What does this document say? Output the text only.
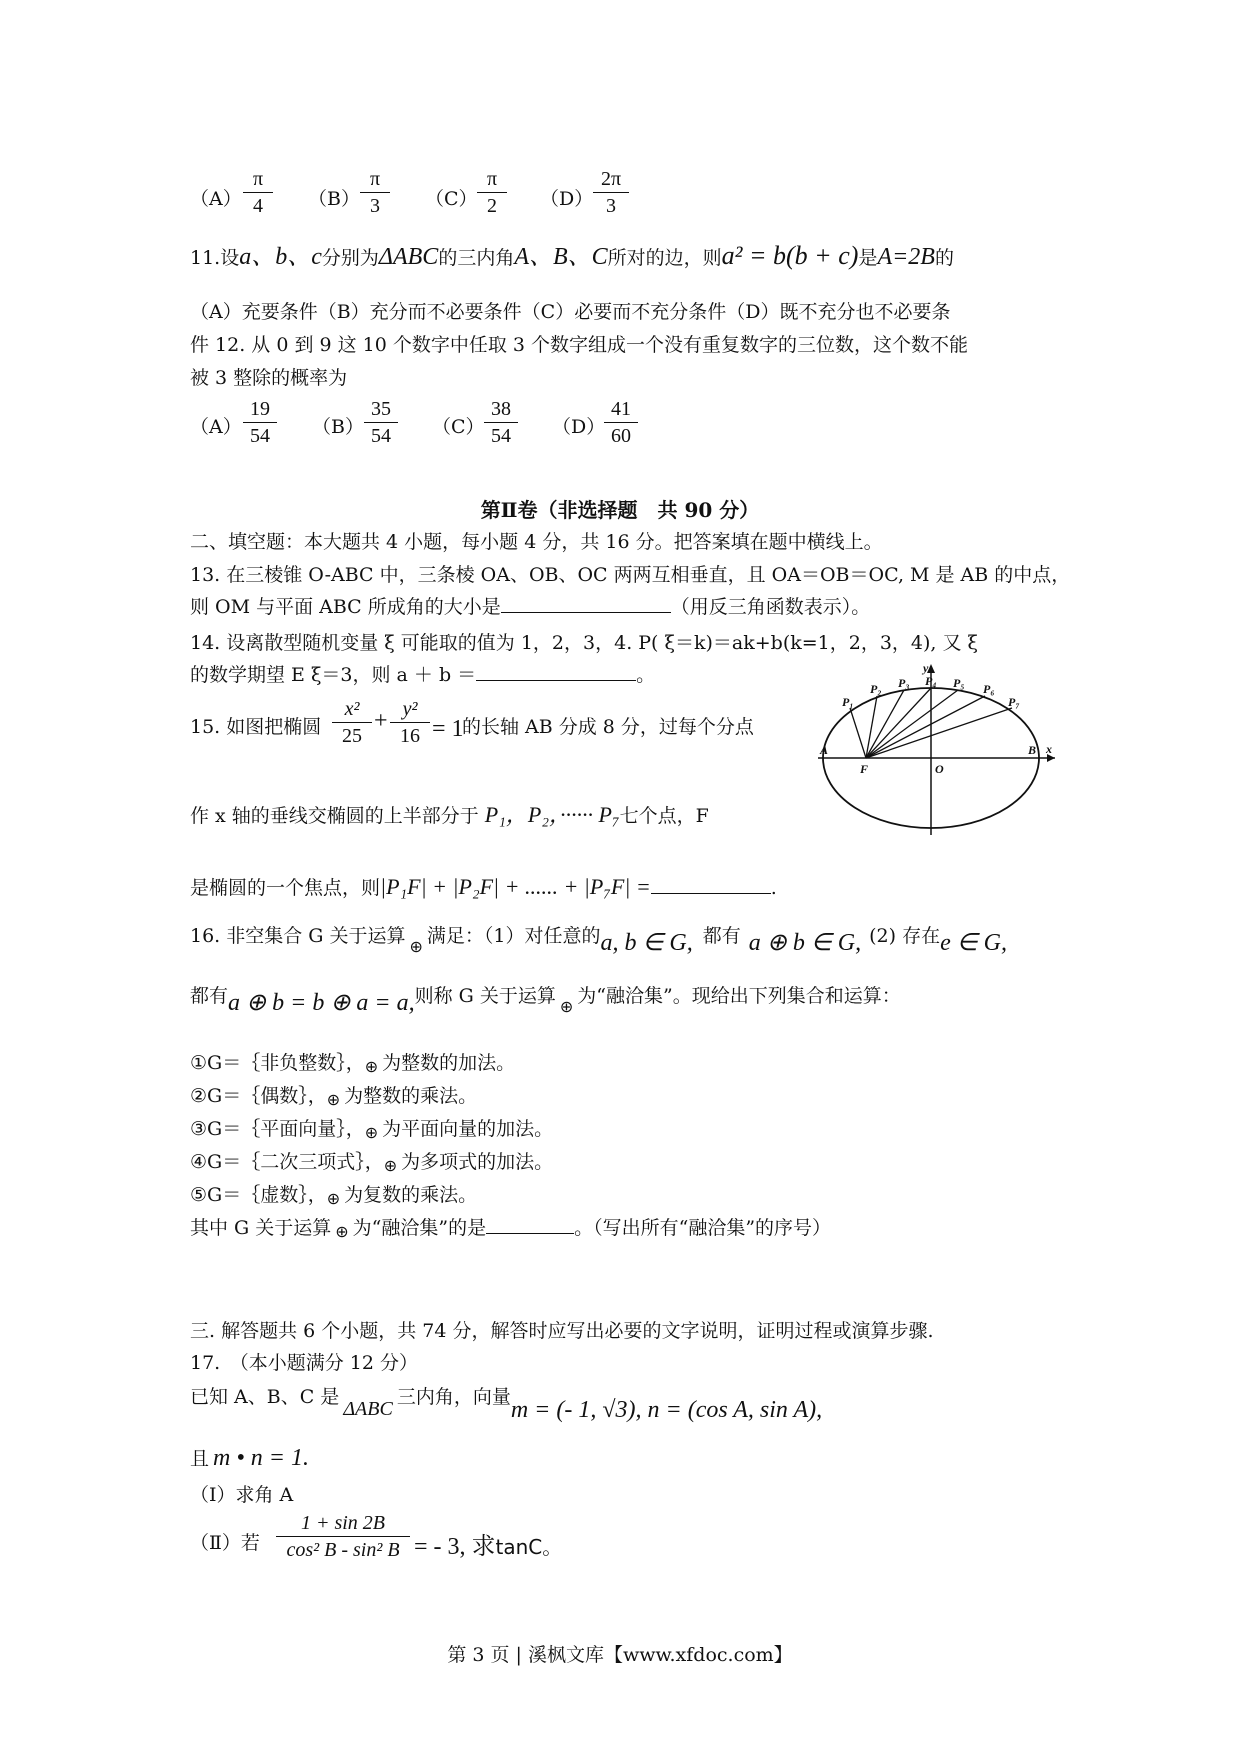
$(A) \frac{\pi}{4} (B) \frac{\pi}{3} (C) \frac{\pi}{2} (D) \frac{2\pi}{3}$
11.设a、b、c分别为ΔABC的三内角A、B、C所对的边，则a² = b(b + c)是A=2B的
（A）充要条件（B）充分而不必要条件（C）必要而不充分条件（D）既不充分也不必要条
件 12. 从 0 到 9 这 10 个数字中任取 3 个数字组成一个没有重复数字的三位数，这个数不能
被 3 整除的概率为
$(A) \frac{19}{54} (B) \frac{35}{54} (C) \frac{38}{54} (D)$
$\frac{41}{60}$
第Ⅱ卷（非选择题　共 90 分）
二、填空题：本大题共 4 小题，每小题 4 分，共 16 分。把答案填在题中横线上。
13. 在三棱锥 O-ABC 中，三条棱 OA、OB、OC 两两互相垂直，且 OA＝OB＝OC, M 是 AB 的中点，
则 OM 与平面 ABC 所成角的大小是	（用反三角函数表示）。
14. 设离散型随机变量 ξ 可能取的值为 1，2，3，4. P( ξ＝k)＝ak+b(k=1，2，3，4), 又 ξ
的数学期望 E ξ＝3，则 a ＋ b ＝	。
15. 如图把椭圆 $\frac{\text{x²}}{25} + \frac{\text{y²}}{16} = 1$
的长轴 AB 分成 8 分，过每个分点
作 x 轴的垂线交椭圆的上半部分于 P₁，P₂，······ P₇七个点，F
是椭圆的一个焦点，则|P₁F| + |P₂F| + ...... + |P₇F| =	.
y
x
A	B
F	O
P₁
P₂ P₃ P₄ P₅ P₆
P₇
16. 非空集合 G 关于运算 $_\oplus$ 满足：（1）对任意的a, b ∈ G, 都有 a ⊕ b ∈ G, (2) 存在e ∈ G,
都有a ⊕ b = b ⊕ a = a,则称 G 关于运算 $_\oplus$ 为“融洽集”。现给出下列集合和运算：
①G＝｛非负整数｝，⊕ 为整数的加法。
②G＝｛偶数｝，⊕ 为整数的乘法。
③G＝｛平面向量｝，⊕ 为平面向量的加法。
④G＝｛二次三项式｝，⊕ 为多项式的加法。
⑤G＝｛虚数｝，⊕ 为复数的乘法。
其中 G 关于运算 ⊕ 为“融洽集”的是	。（写出所有“融洽集”的序号）
三. 解答题共 6 个小题，共 74 分，解答时应写出必要的文字说明，证明过程或演算步骤.
17.　（本小题满分 12 分）
已知 A、B、C 是ΔABC三内角，向量m = (- 1, √3), n = (cos A, sin A),
且 m • n = 1.
（Ⅰ）求角 A
（Ⅱ）若 $\frac{1 + \sin 2B}{\text{cos² B - sin² B}}$ = - 3, 求tanC。
第 3 页 | 溪枫文库【www.xfdoc.com】
